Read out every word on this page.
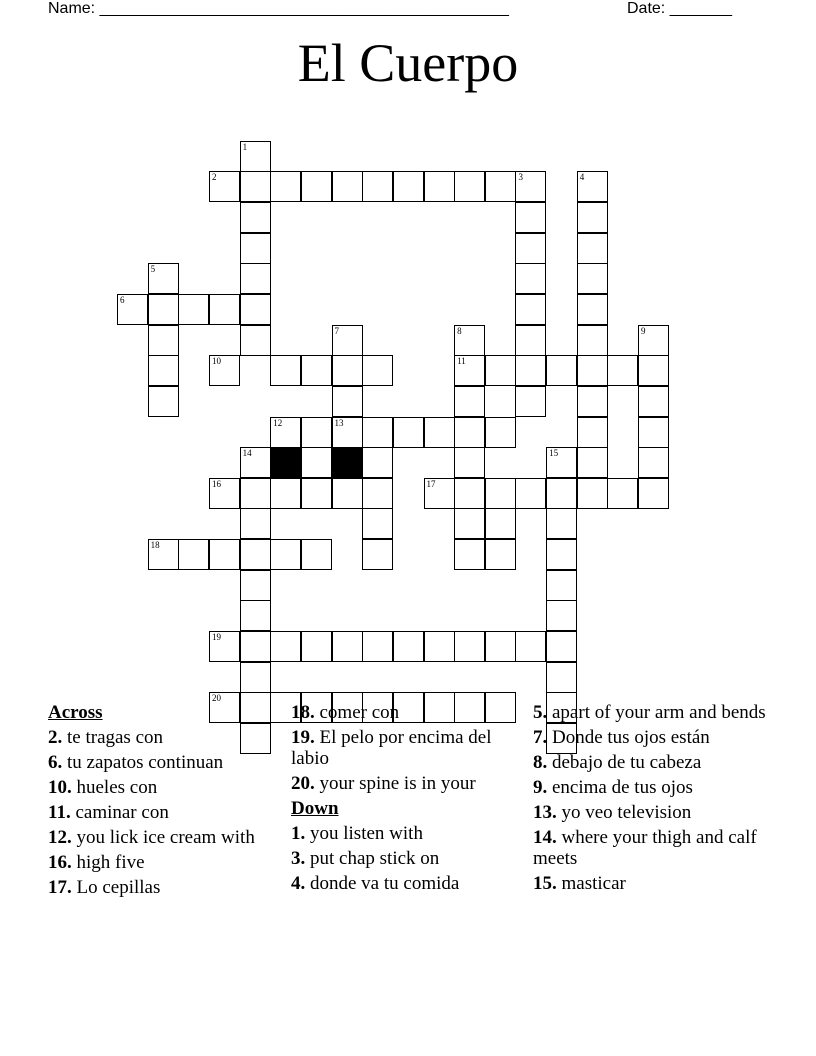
Name: ______________________________________________	Date: _______
El Cuerpo
1
2	3	4
5
6
7
13
10
8
11
9
12
14
16	17
15
18
19
20
Across
2. te tragas con
6. tu zapatos continuan
10. hueles con
11. caminar con
12. you lick ice cream with
16. high five
17. Lo cepillas
18. comer con
19. El pelo por encima del labio
20. your spine is in your
Down
1. you listen with
3. put chap stick on
4. donde va tu comida
5. apart of your arm and bends
7. Donde tus ojos están
8. debajo de tu cabeza
9. encima de tus ojos
13. yo veo television
14. where your thigh and calf meets
15. masticar
